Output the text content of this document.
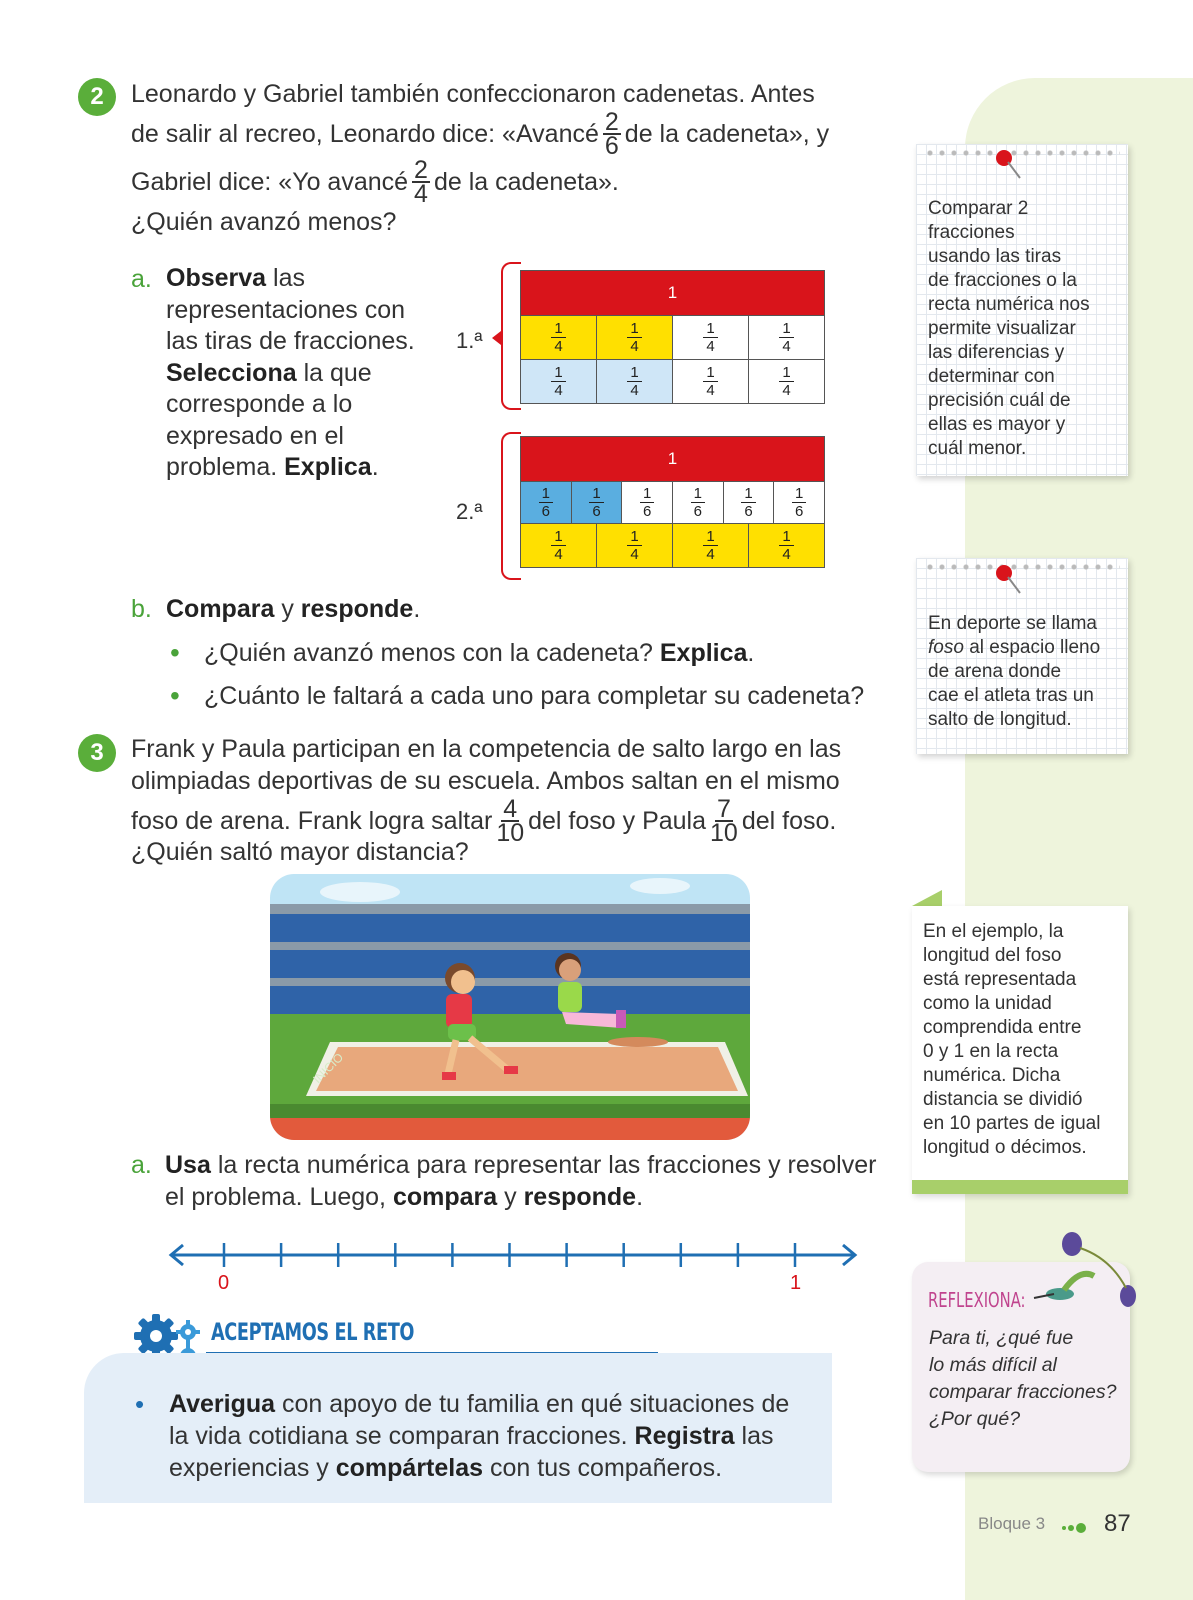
2 Leonardo y Gabriel también confeccionaron cadenetas. Antes
de salir al recreo, Leonardo dice: «Avancé $\frac{2}{6}$ de la cadeneta», y
Gabriel dice: «Yo avancé $\frac{2}{4}$ de la cadeneta».
¿Quién avanzó menos?
a. Observa las
representaciones con
las tiras de fracciones.
Selecciona la que
corresponde a lo
expresado en el
problema. Explica.
1.ª
1
1
4
1
4
1
4
1
4
1
4
1
4
1
4
1
4
2.ª
1
1
6
1
6
1
6
1
6
1
6
1
6
1
4
1
4
1
4
1
4
b. Compara y responde.
• ¿Quién avanzó menos con la cadeneta? Explica.
• ¿Cuánto le faltará a cada uno para completar su cadeneta?
3 Frank y Paula participan en la competencia de salto largo en las
olimpiadas deportivas de su escuela. Ambos saltan en el mismo
foso de arena. Frank logra saltar $\frac{4}{10}$ del foso y Paula $\frac{7}{10}$ del foso.
¿Quién saltó mayor distancia?
INICIO
a. Usa la recta numérica para representar las fracciones y resolver
el problema. Luego, compara y responde.
0	1
ACEPTAMOS EL RETO
• Averigua con apoyo de tu familia en qué situaciones de
la vida cotidiana se comparan fracciones. Registra las
experiencias y compártelas con tus compañeros.
Comparar 2
fracciones
usando las tiras
de fracciones o la
recta numérica nos
permite visualizar
las diferencias y
determinar con
precisión cuál de
ellas es mayor y
cuál menor.
En deporte se llama
foso al espacio lleno
de arena donde
cae el atleta tras un
salto de longitud.
En el ejemplo, la
longitud del foso
está representada
como la unidad
comprendida entre
0 y 1 en la recta
numérica. Dicha
distancia se dividió
en 10 partes de igual
longitud o décimos.
REFLEXIONA:
Para ti, ¿qué fue
lo más difícil al
comparar fracciones?
¿Por qué?
Bloque 3 87
